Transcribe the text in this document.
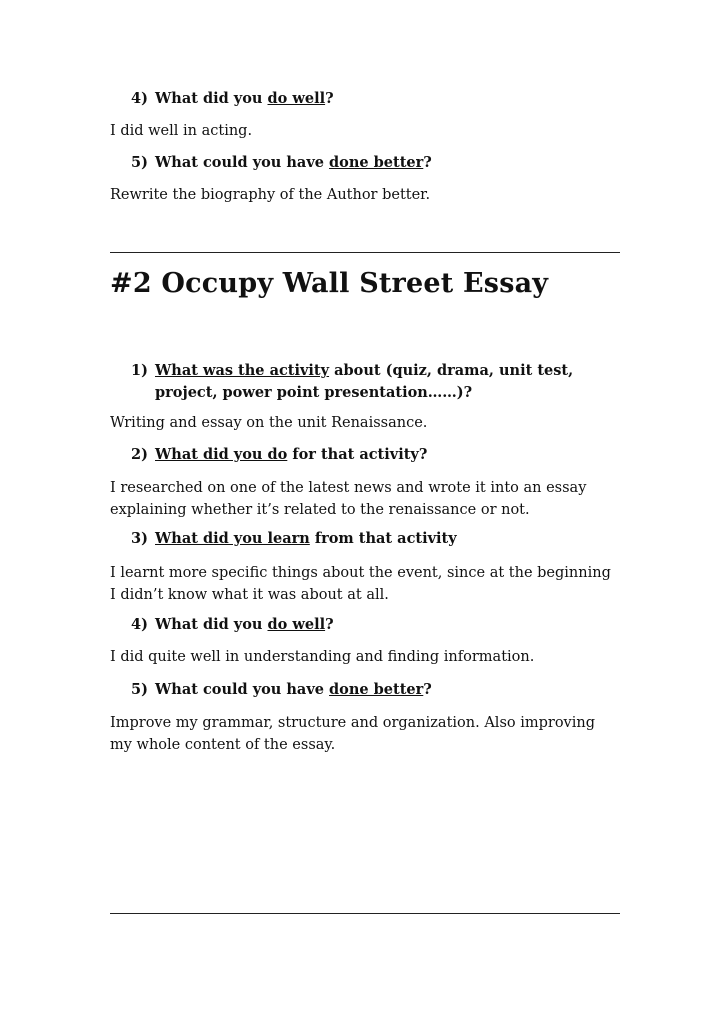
4) What did you do well?
I did well in acting.
5) What could you have done better?
Rewrite the biography of the Author better.
#2 Occupy Wall Street Essay
1) What was the activity about (quiz, drama, unit test, project, power point presentation……)?
Writing and essay on the unit Renaissance.
2) What did you do for that activity?
I researched on one of the latest news and wrote it into an essay explaining whether it’s related to the renaissance or not.
3) What did you learn from that activity
I learnt more specific things about the event, since at the beginning I didn’t know what it was about at all.
4) What did you do well?
I did quite well in understanding and finding information.
5) What could you have done better?
Improve my grammar, structure and organization. Also improving my whole content of the essay.
